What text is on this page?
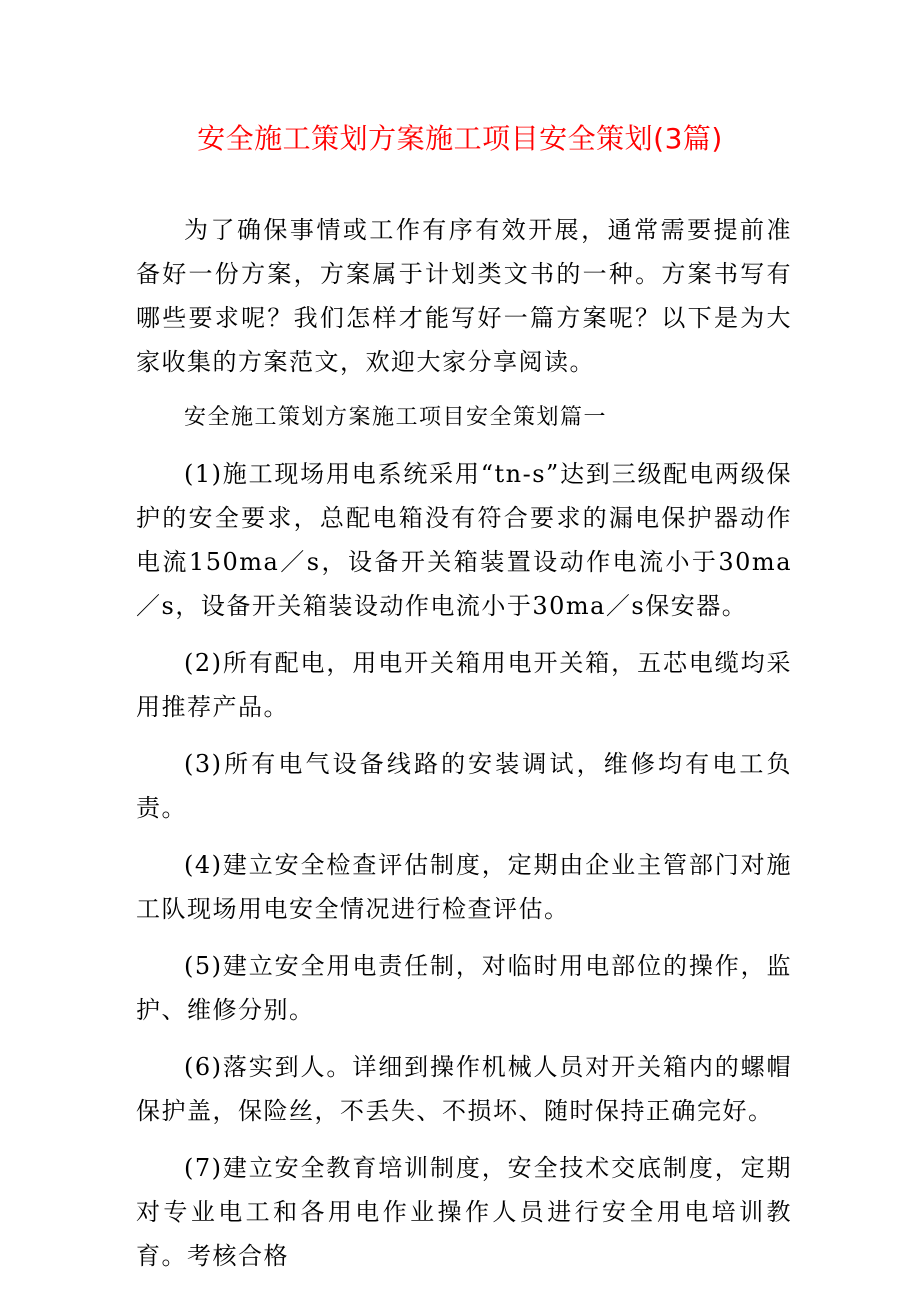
安全施工策划方案施工项目安全策划(3篇)

为了确保事情或工作有序有效开展，通常需要提前准备好一份方案，方案属于计划类文书的一种。方案书写有哪些要求呢？我们怎样才能写好一篇方案呢？以下是为大家收集的方案范文，欢迎大家分享阅读。

安全施工策划方案施工项目安全策划篇一

(1)施工现场用电系统采用“tn-s”达到三级配电两级保护的安全要求，总配电箱没有符合要求的漏电保护器动作电流150ma／s，设备开关箱装置设动作电流小于30ma／s，设备开关箱装设动作电流小于30ma／s保安器。

(2)所有配电，用电开关箱用电开关箱，五芯电缆均采用推荐产品。

(3)所有电气设备线路的安装调试，维修均有电工负责。

(4)建立安全检查评估制度，定期由企业主管部门对施工队现场用电安全情况进行检查评估。

(5)建立安全用电责任制，对临时用电部位的操作，监护、维修分别。

(6)落实到人。详细到操作机械人员对开关箱内的螺帽保护盖，保险丝，不丢失、不损坏、随时保持正确完好。

(7)建立安全教育培训制度，安全技术交底制度，定期对专业电工和各用电作业操作人员进行安全用电培训教育。考核合格
